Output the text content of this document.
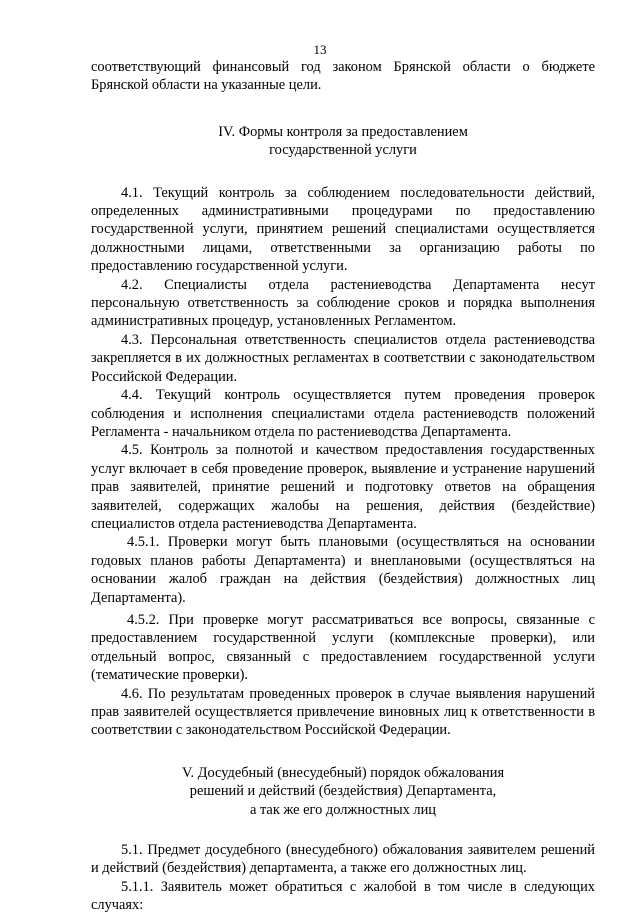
13

соответствующий финансовый год законом Брянской области о бюджете Брянской области на указанные цели.

IV. Формы контроля за предоставлением
государственной услуги

4.1. Текущий контроль за соблюдением последовательности действий, определенных административными процедурами по предоставлению государственной услуги, принятием решений специалистами осуществляется должностными лицами, ответственными за организацию работы по предоставлению государственной услуги.

4.2. Специалисты отдела растениеводства Департамента несут персональную ответственность за соблюдение сроков и порядка выполнения административных процедур, установленных Регламентом.

4.3. Персональная ответственность специалистов отдела растениеводства закрепляется в их должностных регламентах в соответствии с законодательством Российской Федерации.

4.4. Текущий контроль осуществляется путем проведения проверок соблюдения и исполнения специалистами отдела растениеводств положений Регламента - начальником отдела по растениеводства Департамента.

4.5. Контроль за полнотой и качеством предоставления государственных услуг включает в себя проведение проверок, выявление и устранение нарушений прав заявителей, принятие решений и подготовку ответов на обращения заявителей, содержащих жалобы на решения, действия (бездействие) специалистов отдела растениеводства Департамента.

4.5.1. Проверки могут быть плановыми (осуществляться на основании годовых планов работы Департамента) и внеплановыми (осуществляться на основании жалоб граждан на действия (бездействия) должностных лиц Департамента).

4.5.2. При проверке могут рассматриваться все вопросы, связанные с предоставлением государственной услуги (комплексные проверки), или отдельный вопрос, связанный с предоставлением государственной услуги (тематические проверки).

4.6. По результатам проведенных проверок в случае выявления нарушений прав заявителей осуществляется привлечение виновных лиц к ответственности в соответствии с законодательством Российской Федерации.

V. Досудебный (внесудебный) порядок обжалования
решений и действий (бездействия) Департамента,
а так же его должностных лиц

5.1. Предмет досудебного (внесудебного) обжалования заявителем решений и действий (бездействия) департамента, а также его должностных лиц.

5.1.1. Заявитель может обратиться с жалобой в том числе в следующих случаях:
